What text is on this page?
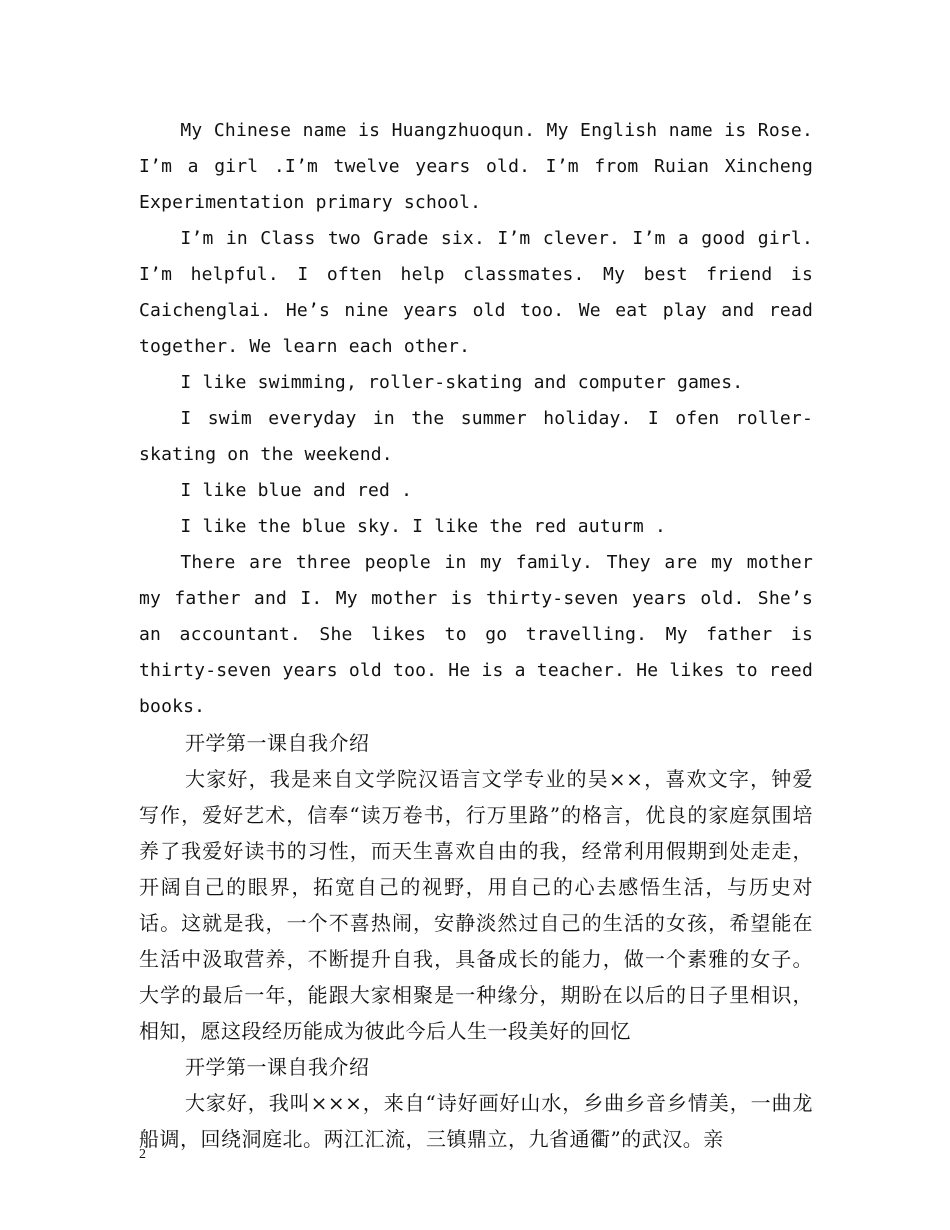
My Chinese name is Huangzhuoqun. My English name is Rose. I’m a girl .I’m twelve years old. I’m from Ruian Xincheng Experimentation primary school.

I’m in Class two Grade six. I’m clever. I’m a good girl. I’m helpful. I often help classmates. My best friend is Caichenglai. He’s nine years old too. We eat play and read together. We learn each other.

I like swimming, roller-skating and computer games.

I swim everyday in the summer holiday. I ofen roller-skating on the weekend.

I like blue and red .

I like the blue sky. I like the red auturm .

There are three people in my family. They are my mother my father and I. My mother is thirty-seven years old. She’s an accountant. She likes to go travelling. My father is thirty-seven years old too. He is a teacher. He likes to reed books.

开学第一课自我介绍

大家好，我是来自文学院汉语言文学专业的吴××，喜欢文字，钟爱写作，爱好艺术，信奉“读万卷书，行万里路”的格言，优良的家庭氛围培养了我爱好读书的习性，而天生喜欢自由的我，经常利用假期到处走走，开阔自己的眼界，拓宽自己的视野，用自己的心去感悟生活，与历史对话。这就是我，一个不喜热闹，安静淡然过自己的生活的女孩，希望能在生活中汲取营养，不断提升自我，具备成长的能力，做一个素雅的女子。大学的最后一年，能跟大家相聚是一种缘分，期盼在以后的日子里相识，相知，愿这段经历能成为彼此今后人生一段美好的回忆

开学第一课自我介绍

大家好，我叫×××，来自“诗好画好山水，乡曲乡音乡情美，一曲龙船调，回绕洞庭北。两江汇流，三镇鼎立，九省通衢”的武汉。亲

2
